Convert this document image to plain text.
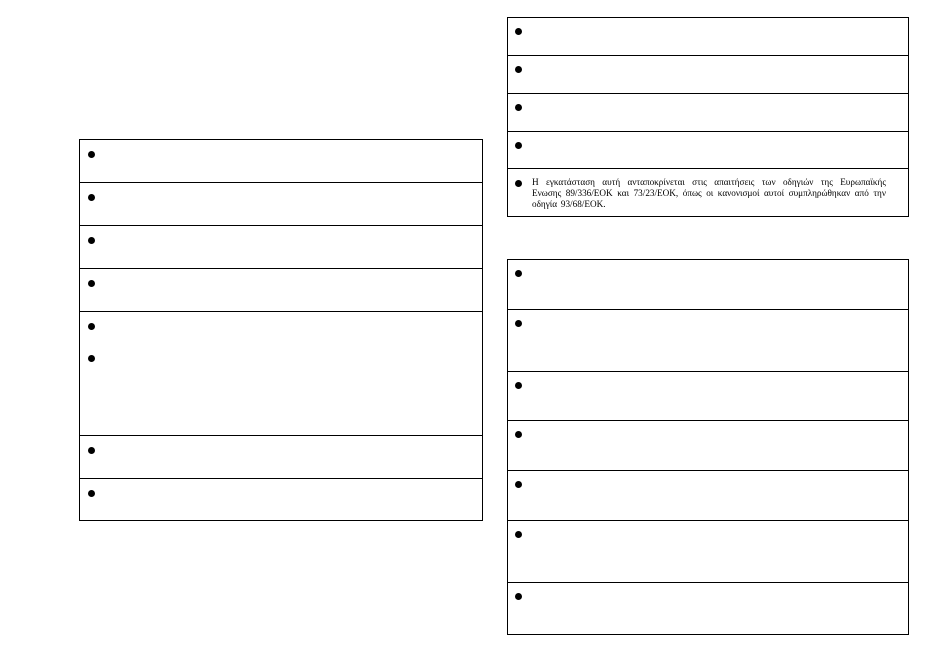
Η εγκατάσταση αυτή ανταποκρίνεται στις απαιτήσεις των οδηγιών της Ευρωπαϊκής Ενωσης 89/336/ΕΟΚ και 73/23/ΕΟΚ, όπως οι κανονισμοί αυτοί συμπληρώθηκαν από την οδηγία 93/68/ΕΟΚ.
